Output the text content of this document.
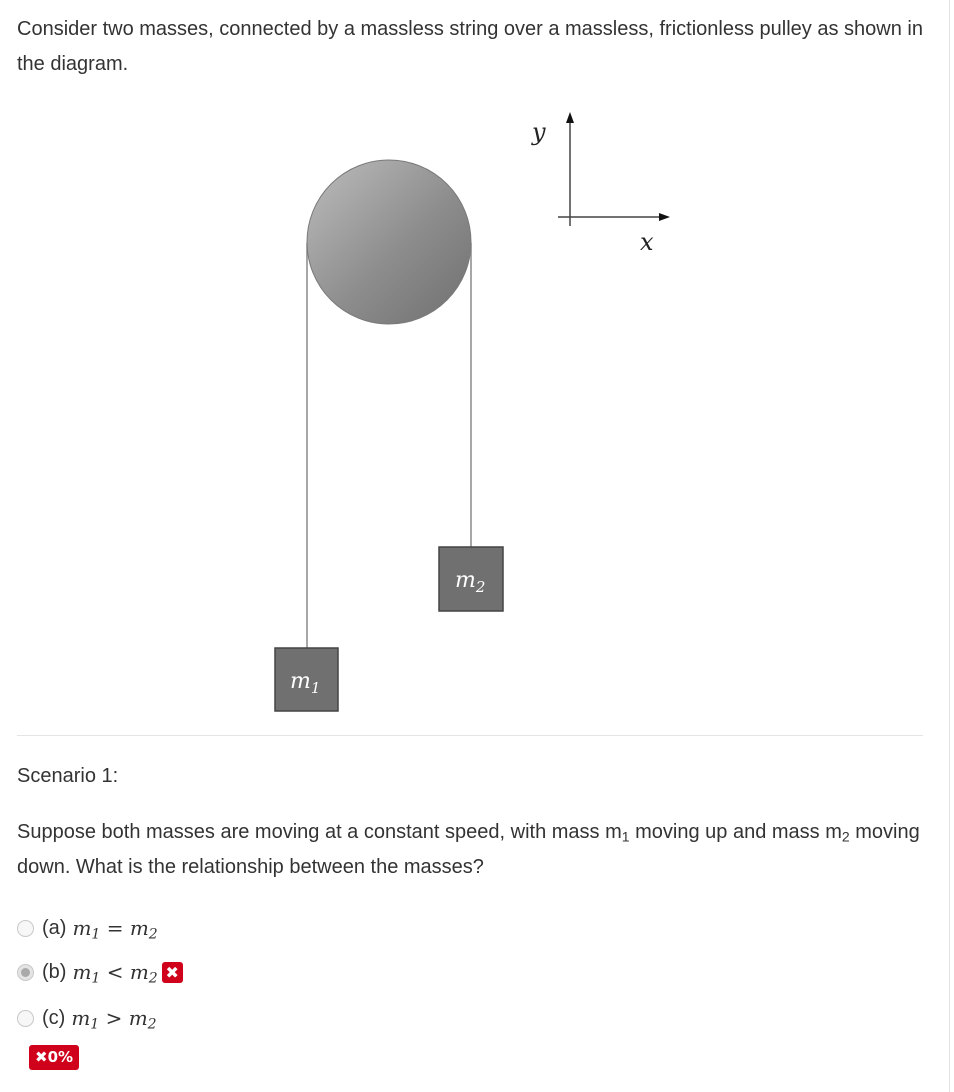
Consider two masses, connected by a massless string over a massless, frictionless pulley as shown in the diagram.

$m_2$
$m_1$
y
x

Scenario 1:

Suppose both masses are moving at a constant speed, with mass $m_1$ moving up and mass $m_2$ moving down. What is the relationship between the masses?

(a) $m_1 = m_2$
(b) $m_1 < m_2$ ✖
(c) $m_1 > m_2$
✖0%
